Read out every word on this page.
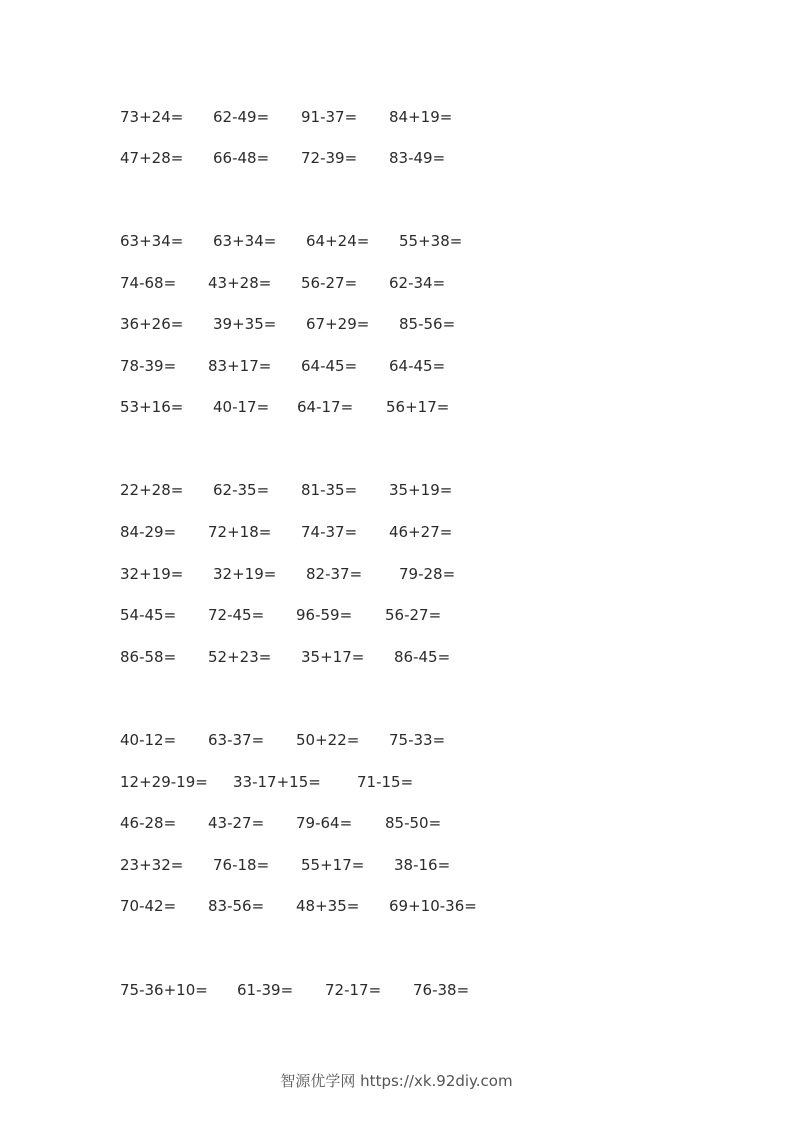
73+24= 62-49= 91-37= 84+19=
47+28= 66-48= 72-39= 83-49=
63+34= 63+34= 64+24= 55+38=
74-68= 43+28= 56-27= 62-34=
36+26= 39+35= 67+29= 85-56=
78-39= 83+17= 64-45= 64-45=
53+16= 40-17= 64-17= 56+17=
22+28= 62-35= 81-35= 35+19=
84-29= 72+18= 74-37= 46+27=
32+19= 32+19= 82-37= 79-28=
54-45= 72-45= 96-59= 56-27=
86-58= 52+23= 35+17= 86-45=
40-12= 63-37= 50+22= 75-33=
12+29-19= 33-17+15= 71-15=
46-28= 43-27= 79-64= 85-50=
23+32= 76-18= 55+17= 38-16=
70-42= 83-56= 48+35= 69+10-36=
75-36+10= 61-39= 72-17= 76-38=
智源优学网 https://xk.92diy.com
